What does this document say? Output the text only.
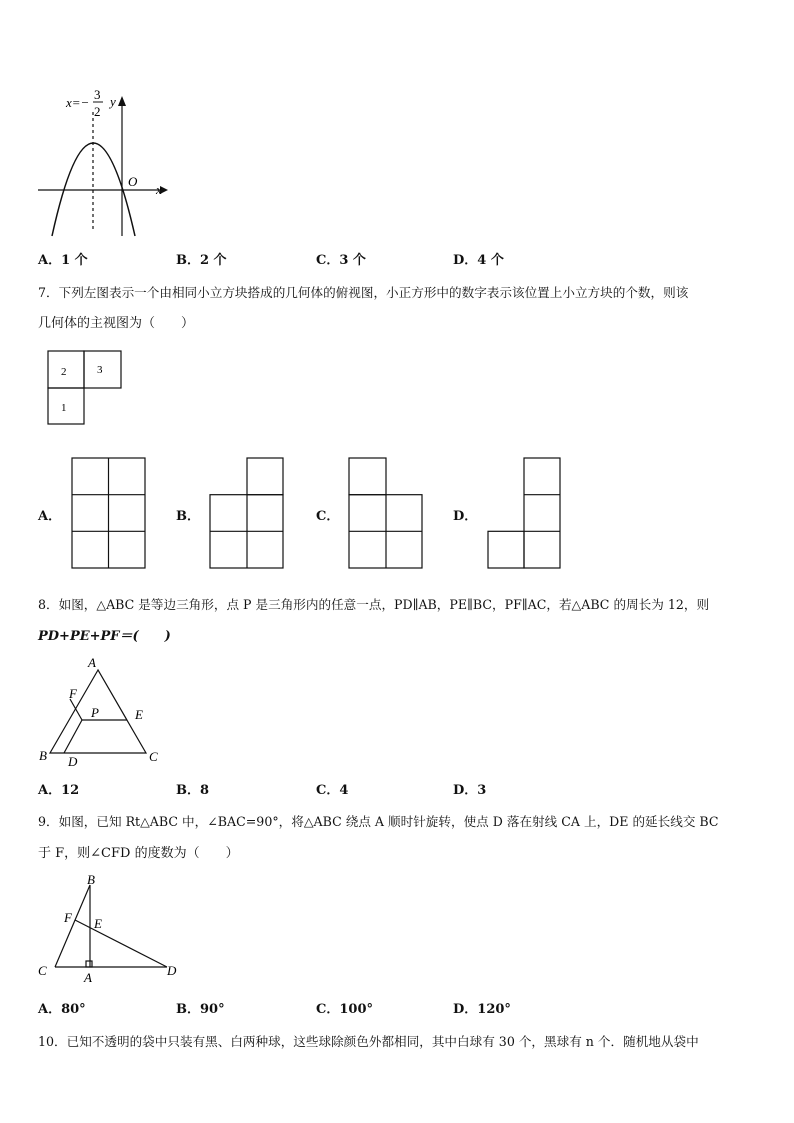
x=−
3
2
y
x
O
A．1 个	B．2 个	C．3 个	D．4 个
7．下列左图表示一个由相同小立方块搭成的几何体的俯视图，小正方形中的数字表示该位置上小立方块的个数，则该
几何体的主视图为（　　）
2	3
1
A．	B．	C．	D．
8．如图，△ABC 是等边三角形，点 P 是三角形内的任意一点，PD∥AB，PE∥BC，PF∥AC，若△ABC 的周长为 12，则
PD+PE+PF＝(　　)
A
F
P	E
B D	C
A．12	B．8	C．4	D．3
9．如图，已知 Rt△ABC 中，∠BAC=90°，将△ABC 绕点 A 顺时针旋转，使点 D 落在射线 CA 上，DE 的延长线交 BC
于 F，则∠CFD 的度数为（　　）
B
F E
C	A	D
A．80°	B．90°	C．100°	D．120°
10．已知不透明的袋中只装有黑、白两种球，这些球除颜色外都相同，其中白球有 30 个，黑球有 n 个．随机地从袋中
